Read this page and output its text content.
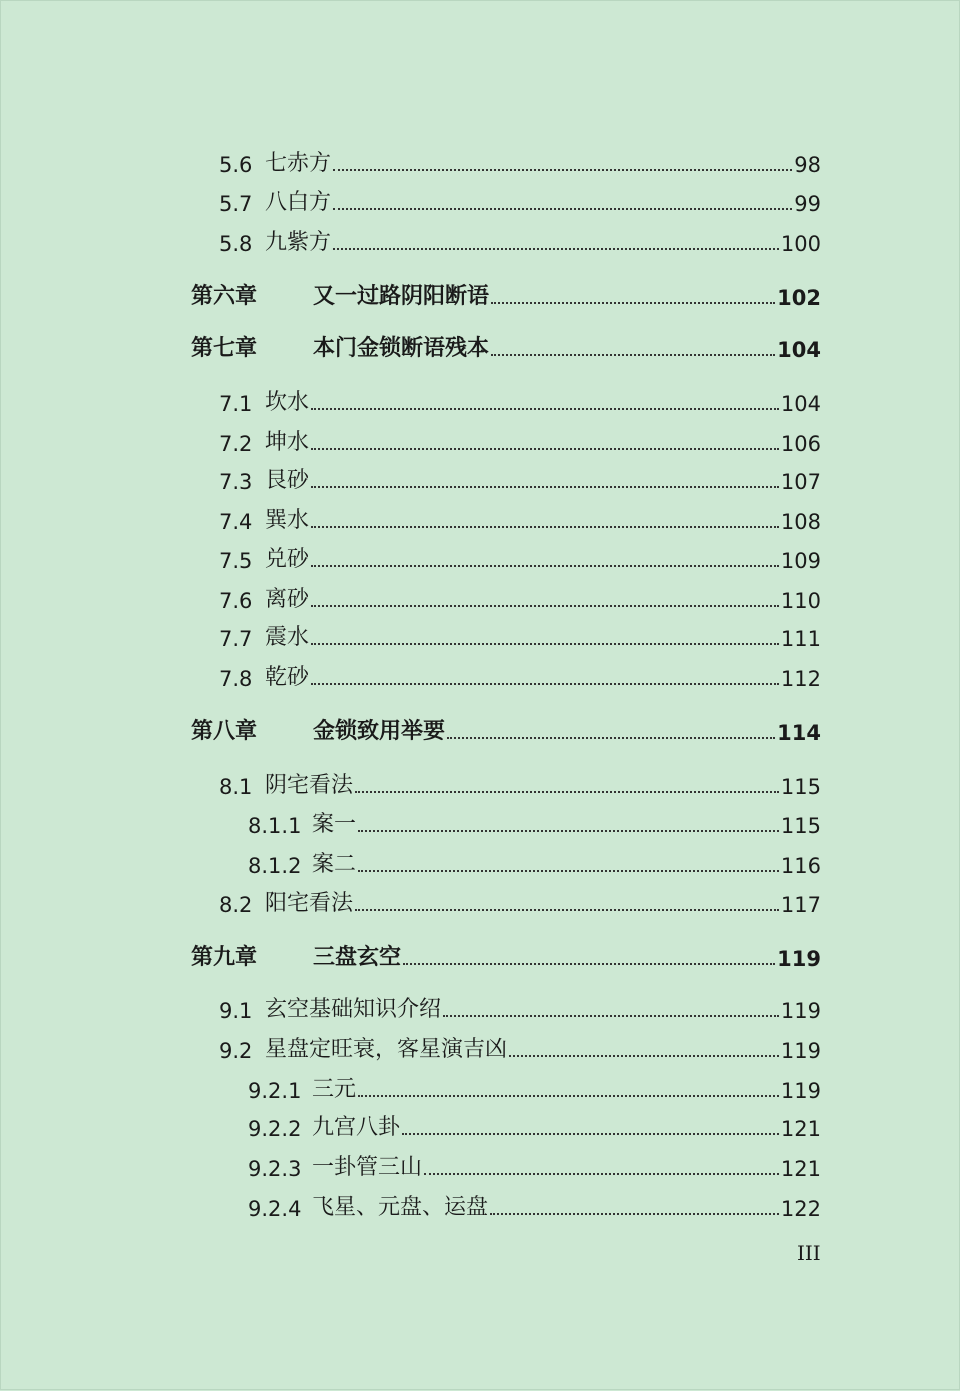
5.6 七赤方	98
5.7 八白方	99
5.8 九紫方	100
第六章	又一过路阴阳断语	102
第七章	本门金锁断语残本	104
7.1 坎水	104
7.2 坤水	106
7.3 艮砂	107
7.4 巽水	108
7.5 兑砂	109
7.6 离砂	110
7.7 震水	111
7.8 乾砂	112
第八章	金锁致用举要	114
8.1 阴宅看法	115
8.1.1 案一	115
8.1.2 案二	116
8.2 阳宅看法	117
第九章	三盘玄空	119
9.1 玄空基础知识介绍	119
9.2 星盘定旺衰，客星演吉凶	119
9.2.1 三元	119
9.2.2 九宫八卦	121
9.2.3 一卦管三山	121
9.2.4 飞星、元盘、运盘	122
III
